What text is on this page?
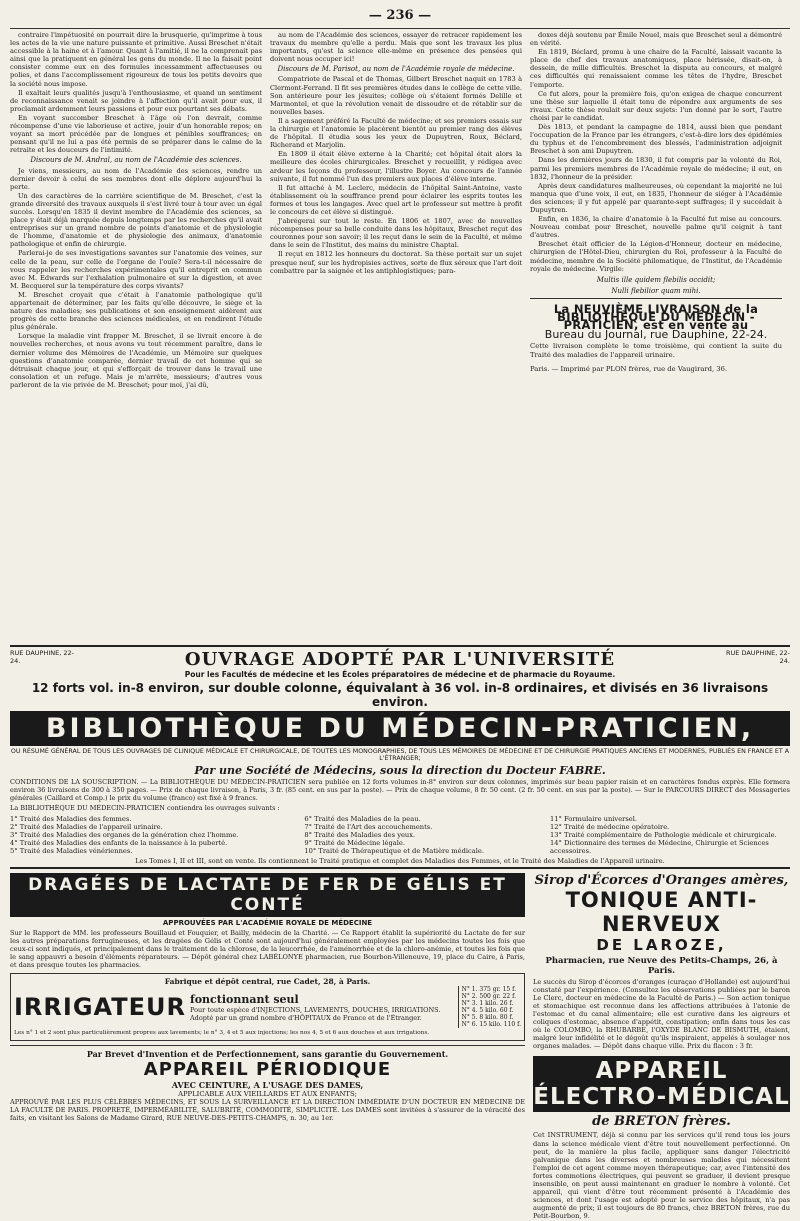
— 236 —

contraire l'impétuosité on pourrait dire la brusquerie, qu'imprime à tous les actes de la vie une nature puissante et primitive. Aussi Breschet n'était accessible à la haine et à l'amour. Quant à l'amitié, il ne la comprenait pas ainsi que la pratiquent en général les gens du monde. Il ne la faisait point consister comme eux en des formules incessamment affectueuses ou polies, et dans l'accomplissement rigoureux de tous les petits devoirs que la société nous impose.

Il exaltait leurs qualités jusqu'à l'enthousiasme, et quand un sentiment de reconnaissance venait se joindre à l'affection qu'il avait pour eux, il proclamait ardemment leurs passions et pour eux pourtant ses débats.

En voyant succomber Breschet à l'âge où l'on devrait, comme récompense d'une vie laborieuse et active, jouir d'un honorable repos; en voyant sa mort précédée par de longues et pénibles souffrances; en pensant qu'il ne lui a pas été permis de se préparer dans le calme de la retraite et les douceurs de l'intimité.

Discours de M. Andral, au nom de l'Académie des sciences.

Je viens, messieurs, au nom de l'Académie des sciences, rendre un dernier devoir à celui de ses membres dont elle déplore aujourd'hui la perte.

Un des caractères de la carrière scientifique de M. Breschet, c'est la grande diversité des travaux auxquels il s'est livré tour à tour avec un égal succès. Lorsqu'en 1835 il devint membre de l'Académie des sciences, sa place y était déjà marquée depuis longtemps par les recherches qu'il avait entreprises sur un grand nombre de points d'anatomie et de physiologie de l'homme, d'anatomie et de physiologie des animaux, d'anatomie pathologique et enfin de chirurgie.

Parlerai-je de ses investigations savantes sur l'anatomie des veines, sur celle de la peau, sur celle de l'organe de l'ouïe? Sera-t-il nécessaire de vous rappeler les recherches expérimentales qu'il entreprit en commun avec M. Edwards sur l'exhalation pulmonaire et sur la digestion, et avec M. Becquerel sur la température des corps vivants?

M. Breschet croyait que c'était à l'anatomie pathologique qu'il appartenait de déterminer, par les faits qu'elle découvre, le siège et la nature des maladies; ses publications et son enseignement aidèrent aux progrès de cette branche des sciences médicales, et en rendirent l'étude plus générale.

Lorsque la maladie vint frapper M. Breschet, il se livrait encore à de nouvelles recherches, et nous avons vu tout récemment paraître, dans le dernier volume des Mémoires de l'Académie, un Mémoire sur quelques questions d'anatomie comparée, dernier travail de cet homme qui se détruisait chaque jour, et qui s'efforçait de trouver dans le travail une consolation et un refuge. Mais je m'arrête, messieurs; d'autres vous parleront de la vie privée de M. Breschet; pour moi, j'ai dû,

au nom de l'Académie des sciences, essayer de retracer rapidement les travaux du membre qu'elle a perdu. Mais que sont les travaux les plus importants, qu'est la science elle-même en présence des pensées qui doivent nous occuper ici!

Discours de M. Parisot, au nom de l'Académie royale de médecine.

Compatriote de Pascal et de Thomas, Gilbert Breschet naquit en 1783 à Clermont-Ferrand. Il fit ses premières études dans le collège de cette ville. Son antérieure pour les jésuites; collège où s'étaient formés Delille et Marmontel, et que la révolution venait de dissoudre et de rétablir sur de nouvelles bases.

Il a sagement préféré la Faculté de médecine; et ses premiers essais sur la chirurgie et l'anatomie le placèrent bientôt au premier rang des élèves de l'hôpital. Il étudia sous les yeux de Dupuytren, Roux, Béclard, Richerand et Marjolin.

En 1809 il était élève externe à la Charité; cet hôpital était alors la meilleure des écoles chirurgicales. Breschet y recueillit, y rédigea avec ardeur les leçons du professeur, l'illustre Boyer. Au concours de l'année suivante, il fut nommé l'un des premiers aux places d'élève interne.

Il fut attaché à M. Leclerc, médecin de l'hôpital Saint-Antoine, vaste établissement où la souffrance prend pour éclairer les esprits toutes les formes et tous les langages. Avec quel art le professeur sut mettre à profit le concours de cet élève si distingué.

J'abrégerai sur tout le reste. En 1806 et 1807, avec de nouvelles récompenses pour sa belle conduite dans les hôpitaux, Breschet reçut des couronnes pour son savoir; il les reçut dans le sein de la Faculté, et même dans le sein de l'Institut, des mains du ministre Chaptal.

Il reçut en 1812 les honneurs du doctorat. Sa thèse portait sur un sujet presque neuf, sur les hydropisies actives, sorte de flux séreux que l'art doit combattre par la saignée et les antiphlogistiques; para-

doxes déjà soutenu par Émile Nouel, mais que Breschet seul a démontré en vérité.

En 1819, Béclard, promu à une chaire de la Faculté, laissait vacante la place de chef des travaux anatomiques, place hérissée, disait-on, à dessein, de mille difficultés. Breschet la disputa au concours, et malgré ces difficultés qui renaissaient comme les têtes de l'hydre, Breschet l'emporte.

Ce fut alors, pour la première fois, qu'on exigea de chaque concurrent une thèse sur laquelle il était tenu de répondre aux arguments de ses rivaux. Cette thèse roulait sur deux sujets: l'un donné par le sort, l'autre choisi par le candidat.

Dès 1813, et pendant la campagne de 1814, aussi bien que pendant l'occupation de la France par les étrangers, c'est-à-dire lors des épidémies du typhus et de l'encombrement des blessés, l'administration adjoignit Breschet à son ami Dupuytren.

Dans les dernières jours de 1830, il fut compris par la volonté du Roi, parmi les premiers membres de l'Académie royale de médecine; il eut, en 1832, l'honneur de la présider.

Après deux candidatures malheureuses, où cependant la majorité ne lui manqua que d'une voix, il eut, en 1835, l'honneur de siéger à l'Académie des sciences; il y fut appelé par quarante-sept suffrages; il y succédait à Dupuytren.

Enfin, en 1836, la chaire d'anatomie à la Faculté fut mise au concours. Nouveau combat pour Breschet, nouvelle palme qu'il ceignit à tant d'autres.

Breschet était officier de la Légion-d'Honneur, docteur en médecine, chirurgien de l'Hôtel-Dieu, chirurgien du Roi, professeur à la Faculté de médecine, membre de la Société philomatique, de l'Institut, de l'Académie royale de médecine. Virgile:

Multis ille quidem flebilis occidit;
Nulli flebilior quam mihi.
La NEUVIÈME LIVRAISON de la BIBLIOTHÈQUE DU MÉDECIN - PRATICIEN, est en vente au
Bureau du Journal, rue Dauphine, 22-24.
Cette livraison complète le tome troisième, qui contient la suite du Traité des maladies de l'appareil urinaire.
Paris. — Imprimé par PLON frères, rue de Vaugirard, 36.
RUE DAUPHINE, 22-24.	OUVRAGE ADOPTÉ PAR L'UNIVERSITÉ	RUE DAUPHINE, 22-24.
Pour les Facultés de médecine et les Écoles préparatoires de médecine et de pharmacie du Royaume.
12 forts vol. in-8 environ, sur double colonne, équivalant à 36 vol. in-8 ordinaires, et divisés en 36 livraisons environ.
BIBLIOTHÈQUE DU MÉDECIN-PRATICIEN,
OU RÉSUMÉ GÉNÉRAL DE TOUS LES OUVRAGES DE CLINIQUE MÉDICALE ET CHIRURGICALE, DE TOUTES LES MONOGRAPHIES, DE TOUS LES MÉMOIRES DE MÉDECINE ET DE CHIRURGIE PRATIQUES ANCIENS ET MODERNES, PUBLIÉS EN FRANCE ET A L'ÉTRANGER;
Par une Société de Médecins, sous la direction du Docteur FABRE.
CONDITIONS DE LA SOUSCRIPTION. — La BIBLIOTHÈQUE DU MÉDECIN-PRATICIEN sera publiée en 12 forts volumes in-8° environ sur deux colonnes, imprimés sur beau papier raisin et en caractères fondus exprès. Elle formera environ 36 livraisons de 300 à 350 pages. — Prix de chaque livraison, à Paris, 3 fr. (85 cent. en sus par la poste). — Prix de chaque volume, 8 fr. 50 cent. (2 fr. 50 cent. en sus par la poste). — Sur le PARCOURS DIRECT des Messageries générales (Caillard et Comp.) le prix du volume (franco) est fixé à 9 francs.
La BIBLIOTHÈQUE DU MÉDECIN-PRATICIEN contiendra les ouvrages suivants :
1° Traité des Maladies des femmes.
2° Traité des Maladies de l'appareil urinaire.
3° Traité des Maladies des organes de la génération chez l'homme.
4° Traité des Maladies des enfants de la naissance à la puberté.
5° Traité des Maladies vénériennes.
6° Traité des Maladies de la peau.
7° Traité de l'Art des accouchements.
8° Traité des Maladies des yeux.
9° Traité de Médecine légale.
10° Traité de Thérapeutique et de Matière médicale.
11° Formulaire universel.
12° Traité de médecine opératoire.
13° Traité complémentaire de Pathologie médicale et chirurgicale.
14° Dictionnaire des termes de Médecine, Chirurgie et Sciences accessoires.
Les Tomes I, II et III, sont en vente. Ils contiennent le Traité pratique et complet des Maladies des Femmes, et le Traité des Maladies de l'Appareil urinaire.
DRAGÉES DE LACTATE DE FER DE GÉLIS ET CONTÉ
APPROUVÉES PAR L'ACADÉMIE ROYALE DE MÉDECINE
Sur le Rapport de MM. les professeurs Bouillaud et Fouquier, et Bailly, médecin de la Charité. — Ce Rapport établit la supériorité du Lactate de fer sur les autres préparations ferrugineuses, et les dragées de Gélis et Conté sont aujourd'hui généralement employées par les médecins toutes les fois que ceux-ci sont indiqués, et principalement dans le traitement de la chlorose, de la leucorrhée, de l'aménorrhée et de la chloro-anémie, et toutes les fois que le sang appauvri a besoin d'éléments réparateurs. — Dépôt général chez LABÉLONYE pharmacien, rue Bourbon-Villeneuve, 19, place du Caire, à Paris, et dans presque toutes les pharmacies.
Fabrique et dépôt central, rue Cadet, 28, à Paris.
IRRIGATEUR fonctionnant seul
Pour toute espèce d'INJECTIONS, LAVEMENTS, DOUCHES, IRRIGATIONS. Adopté par un grand nombre d'HÔPITAUX de France et de l'Étranger.
N° 1. 375 gr. 15 f.
N° 2. 500 gr. 22 f.
N° 3. 1 kilo. 26 f.
N° 4. 5 kilo. 60 f.
N° 5. 8 kilo. 80 f.
N° 6. 15 kilo. 110 f.
Les n° 1 et 2 sont plus particulièrement propres aux lavements; le n° 3, 4 et 5 aux injections; les nos 4, 5 et 6 aux douches et aux irrigations.
Par Brevet d'Invention et de Perfectionnement, sans garantie du Gouvernement.
APPAREIL PÉRIODIQUE
AVEC CEINTURE, A L'USAGE DES DAMES,
APPLICABLE AUX VIEILLARDS ET AUX ENFANTS;
APPROUVÉ PAR LES PLUS CÉLÈBRES MÉDECINS, ET SOUS LA SURVEILLANCE ET LA DIRECTION IMMÉDIATE D'UN DOCTEUR EN MÉDECINE DE LA FACULTÉ DE PARIS. PROPRETÉ, IMPERMÉABILITÉ, SALUBRITÉ, COMMODITÉ, SIMPLICITÉ. Les DAMES sont invitées à s'assurer de la véracité des faits, en visitant les Salons de Madame Girard, RUE NEUVE-DES-PETITS-CHAMPS, n. 30, au 1er.
Sirop d'Écorces d'Oranges amères,
TONIQUE ANTI-NERVEUX
DE LAROZE,
Pharmacien, rue Neuve des Petits-Champs, 26, à Paris.
Le succès du Sirop d'écorces d'oranges (curaçao d'Hollande) est aujourd'hui constaté par l'expérience. (Consultez les observations publiées par le baron Le Clerc, docteur en médecine de la Faculté de Paris.) — Son action tonique et stomachique est reconnue dans les affections attribuées à l'atonie de l'estomac et du canal alimentaire; elle est curative dans les aigreurs et coliques d'estomac, absence d'appétit, constipation; enfin dans tous les cas où le COLOMBO, la RHUBARBE, l'OXYDE BLANC DE BISMUTH, étaient, malgré leur infidélité et le dégoût qu'ils inspiraient, appelés à soulager nos organes malades. — Dépôt dans chaque ville. Prix du flacon : 3 fr.
APPAREIL ÉLECTRO-MÉDICAL
de BRETON frères.
Cet INSTRUMENT, déjà si connu par les services qu'il rend tous les jours dans la science médicale vient d'être tout nouvellement perfectionné. On peut, de la manière la plus facile, appliquer sans danger l'électricité galvanique dans les diverses et nombreuses maladies qui nécessitent l'emploi de cet agent comme moyen thérapeutique; car, avec l'intensité des fortes commotions électriques, qui peuvent se graduer, il devient presque insensible, on peut aussi maintenant en graduer le nombre à volonté. Cet appareil, qui vient d'être tout récemment présenté à l'Académie des sciences, et dont l'usage est adopté pour le service des hôpitaux, n'a pas augmenté de prix; il est toujours de 80 francs, chez BRETON frères, rue du Petit-Bourbon, 9.
